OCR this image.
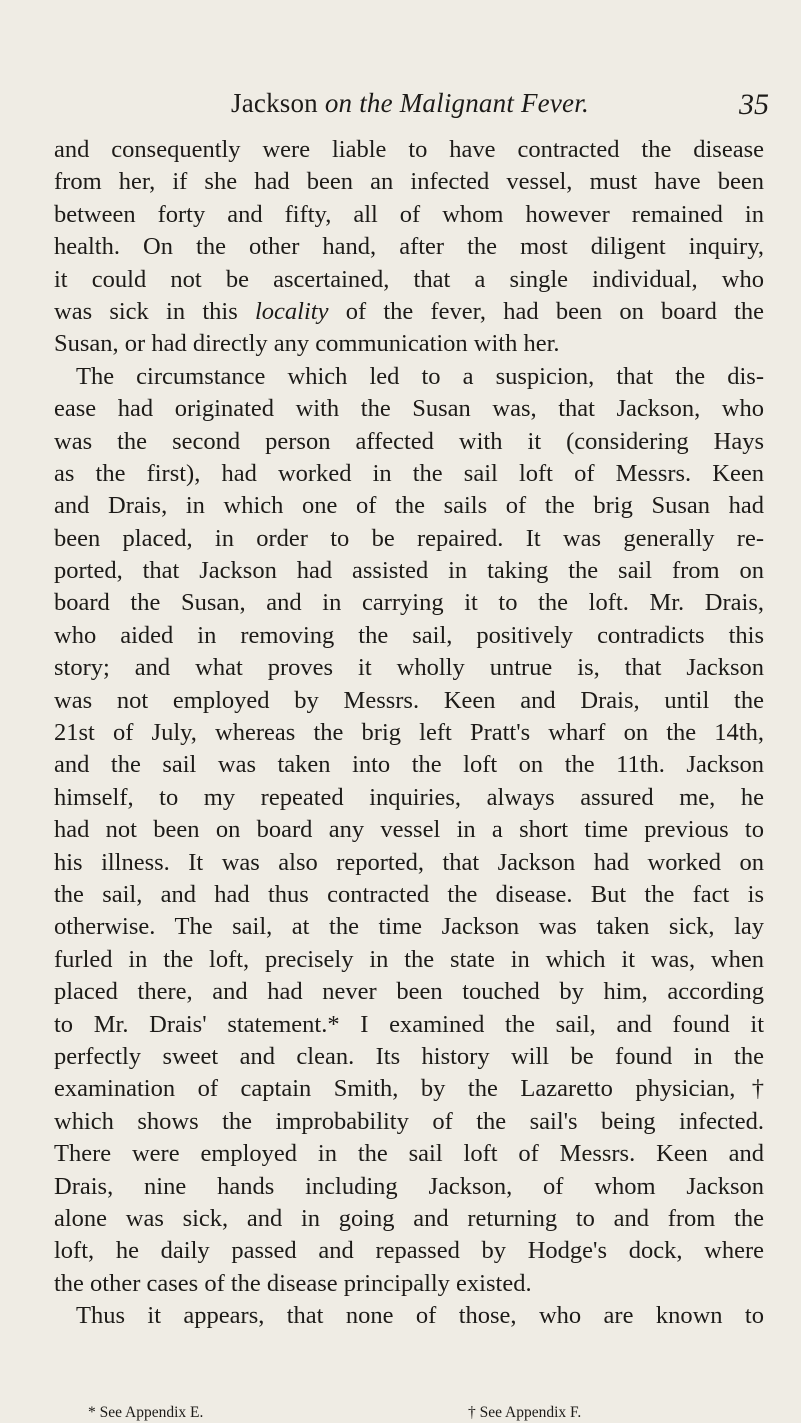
Jackson on the Malignant Fever.	35
and consequently were liable to have contracted the disease
from her, if she had been an infected vessel, must have been
between forty and fifty, all of whom however remained in
health. On the other hand, after the most diligent inquiry,
it could not be ascertained, that a single individual, who
was sick in this locality of the fever, had been on board the
Susan, or had directly any communication with her.
The circumstance which led to a suspicion, that the dis-
ease had originated with the Susan was, that Jackson, who
was the second person affected with it (considering Hays
as the first), had worked in the sail loft of Messrs. Keen
and Drais, in which one of the sails of the brig Susan had
been placed, in order to be repaired. It was generally re-
ported, that Jackson had assisted in taking the sail from on
board the Susan, and in carrying it to the loft. Mr. Drais,
who aided in removing the sail, positively contradicts this
story; and what proves it wholly untrue is, that Jackson
was not employed by Messrs. Keen and Drais, until the
21st of July, whereas the brig left Pratt's wharf on the 14th,
and the sail was taken into the loft on the 11th. Jackson
himself, to my repeated inquiries, always assured me, he
had not been on board any vessel in a short time previous to
his illness. It was also reported, that Jackson had worked on
the sail, and had thus contracted the disease. But the fact is
otherwise. The sail, at the time Jackson was taken sick, lay
furled in the loft, precisely in the state in which it was, when
placed there, and had never been touched by him, according
to Mr. Drais' statement.* I examined the sail, and found it
perfectly sweet and clean. Its history will be found in the
examination of captain Smith, by the Lazaretto physician,†
which shows the improbability of the sail's being infected.
There were employed in the sail loft of Messrs. Keen and
Drais, nine hands including Jackson, of whom Jackson
alone was sick, and in going and returning to and from the
loft, he daily passed and repassed by Hodge's dock, where
the other cases of the disease principally existed.
Thus it appears, that none of those, who are known to
* See Appendix E.	† See Appendix F.
